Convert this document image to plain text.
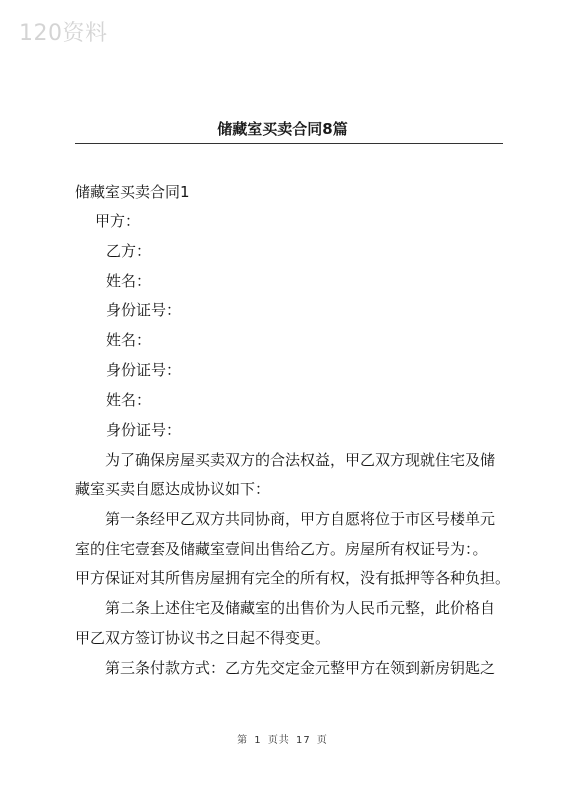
120资料
储藏室买卖合同8篇
储藏室买卖合同1
甲方：
乙方：
姓名：
身份证号：
姓名：
身份证号：
姓名：
身份证号：
为了确保房屋买卖双方的合法权益，甲乙双方现就住宅及储
藏室买卖自愿达成协议如下：
第一条经甲乙双方共同协商，甲方自愿将位于市区号楼单元
室的住宅壹套及储藏室壹间出售给乙方。房屋所有权证号为：。
甲方保证对其所售房屋拥有完全的所有权，没有抵押等各种负担。
第二条上述住宅及储藏室的出售价为人民币元整，此价格自
甲乙双方签订协议书之日起不得变更。
第三条付款方式：乙方先交定金元整甲方在领到新房钥匙之
第 1 页共 17 页
